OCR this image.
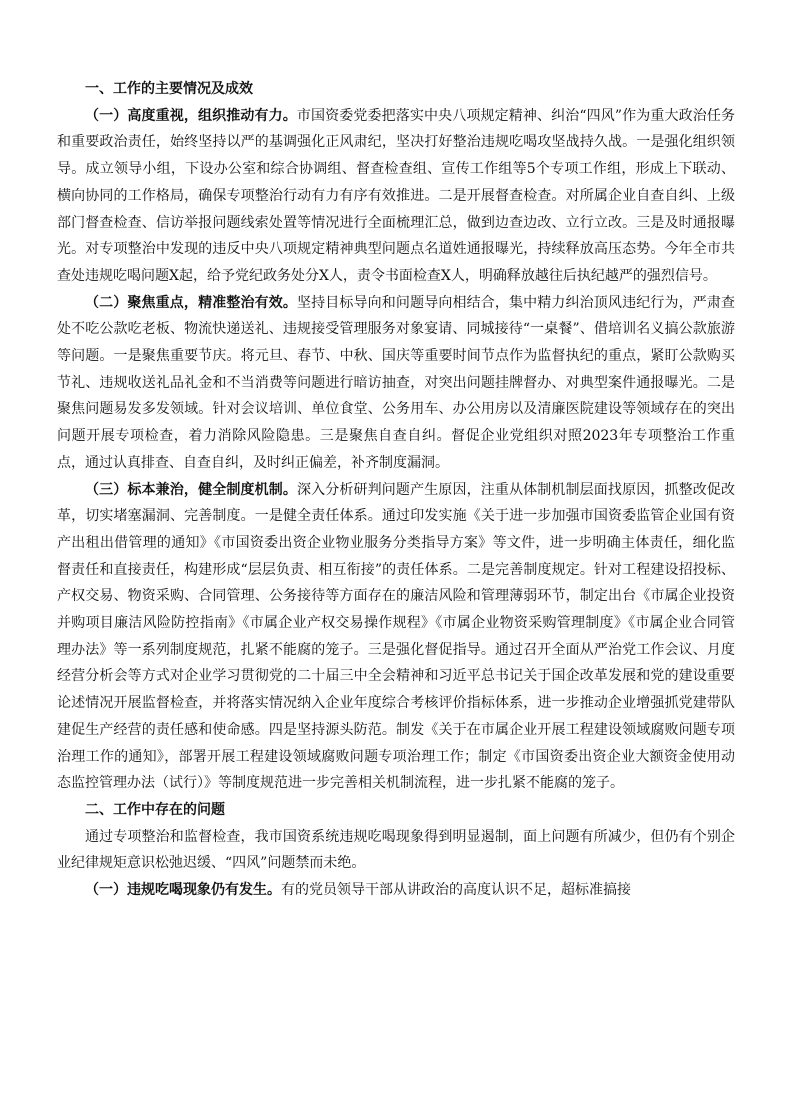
一、工作的主要情况及成效

（一）高度重视，组织推动有力。市国资委党委把落实中央八项规定精神、纠治“四风”作为重大政治任务和重要政治责任，始终坚持以严的基调强化正风肃纪，坚决打好整治违规吃喝攻坚战持久战。一是强化组织领导。成立领导小组，下设办公室和综合协调组、督查检查组、宣传工作组等5个专项工作组，形成上下联动、横向协同的工作格局，确保专项整治行动有力有序有效推进。二是开展督查检查。对所属企业自查自纠、上级部门督查检查、信访举报问题线索处置等情况进行全面梳理汇总，做到边查边改、立行立改。三是及时通报曝光。对专项整治中发现的违反中央八项规定精神典型问题点名道姓通报曝光，持续释放高压态势。今年全市共查处违规吃喝问题X起，给予党纪政务处分X人，责令书面检查X人，明确释放越往后执纪越严的强烈信号。

（二）聚焦重点，精准整治有效。坚持目标导向和问题导向相结合，集中精力纠治顶风违纪行为，严肃查处不吃公款吃老板、物流快递送礼、违规接受管理服务对象宴请、同城接待“一桌餐”、借培训名义搞公款旅游等问题。一是聚焦重要节庆。将元旦、春节、中秋、国庆等重要时间节点作为监督执纪的重点，紧盯公款购买节礼、违规收送礼品礼金和不当消费等问题进行暗访抽查，对突出问题挂牌督办、对典型案件通报曝光。二是聚焦问题易发多发领域。针对会议培训、单位食堂、公务用车、办公用房以及清廉医院建设等领域存在的突出问题开展专项检查，着力消除风险隐患。三是聚焦自查自纠。督促企业党组织对照2023年专项整治工作重点，通过认真排查、自查自纠，及时纠正偏差，补齐制度漏洞。

（三）标本兼治，健全制度机制。深入分析研判问题产生原因，注重从体制机制层面找原因，抓整改促改革，切实堵塞漏洞、完善制度。一是健全责任体系。通过印发实施《关于进一步加强市国资委监管企业国有资产出租出借管理的通知》《市国资委出资企业物业服务分类指导方案》等文件，进一步明确主体责任，细化监督责任和直接责任，构建形成“层层负责、相互衔接”的责任体系。二是完善制度规定。针对工程建设招投标、产权交易、物资采购、合同管理、公务接待等方面存在的廉洁风险和管理薄弱环节，制定出台《市属企业投资并购项目廉洁风险防控指南》《市属企业产权交易操作规程》《市属企业物资采购管理制度》《市属企业合同管理办法》等一系列制度规范，扎紧不能腐的笼子。三是强化督促指导。通过召开全面从严治党工作会议、月度经营分析会等方式对企业学习贯彻党的二十届三中全会精神和习近平总书记关于国企改革发展和党的建设重要论述情况开展监督检查，并将落实情况纳入企业年度综合考核评价指标体系，进一步推动企业增强抓党建带队建促生产经营的责任感和使命感。四是坚持源头防范。制发《关于在市属企业开展工程建设领域腐败问题专项治理工作的通知》，部署开展工程建设领域腐败问题专项治理工作；制定《市国资委出资企业大额资金使用动态监控管理办法（试行）》等制度规范进一步完善相关机制流程，进一步扎紧不能腐的笼子。

二、工作中存在的问题

通过专项整治和监督检查，我市国资系统违规吃喝现象得到明显遏制，面上问题有所减少，但仍有个别企业纪律规矩意识松弛迟缓、“四风”问题禁而未绝。

（一）违规吃喝现象仍有发生。有的党员领导干部从讲政治的高度认识不足，超标准搞接
